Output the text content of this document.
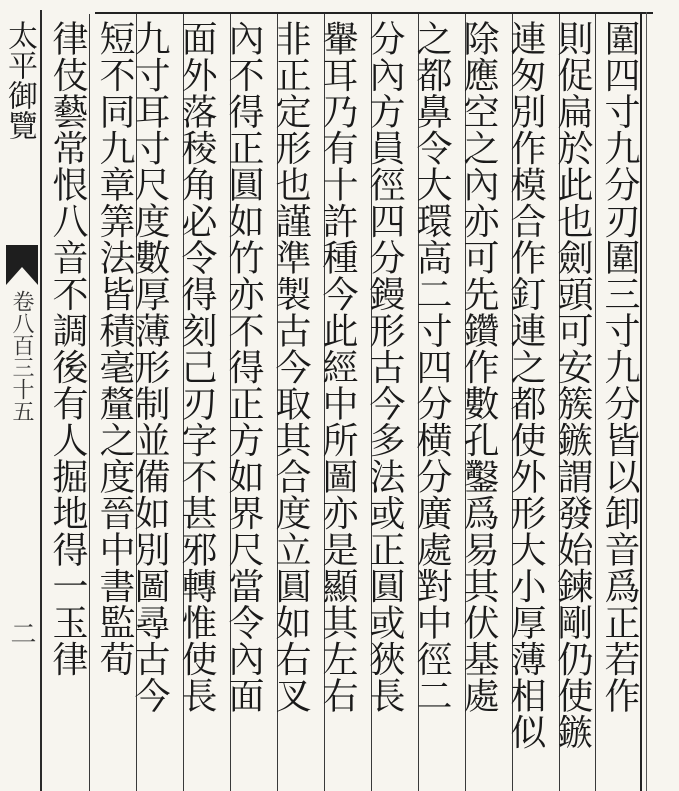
太平御覽
卷八百三十五
二	圍四寸九分刃圍三寸九分皆以卸音爲正若作
則促扁於此也劍頭可安簇鏃謂發始鍊剛仍使鏃
連匆別作模合作釘連之都使外形大小厚薄相似
除應空之內亦可先鑽作數孔鑿爲易其伏基處
之都鼻令大環高二寸四分横分廣處對中徑二
分內方員徑四分鏝形古今多法或正圓或狹長
轝耳乃有十許種今此經中所圖亦是顯其左右
非正定形也謹準製古今取其合度立圓如右叉
內不得正圓如竹亦不得正方如界尺當令內面
面外落稜角必令得刻己刃字不甚邪轉惟使長
九寸耳寸尺度數厚薄形制並備如別圖尋古今
短不同九章筭法皆積毫釐之度晉中書監荀
律伎藝常恨八音不調後有人掘地得一玉律
